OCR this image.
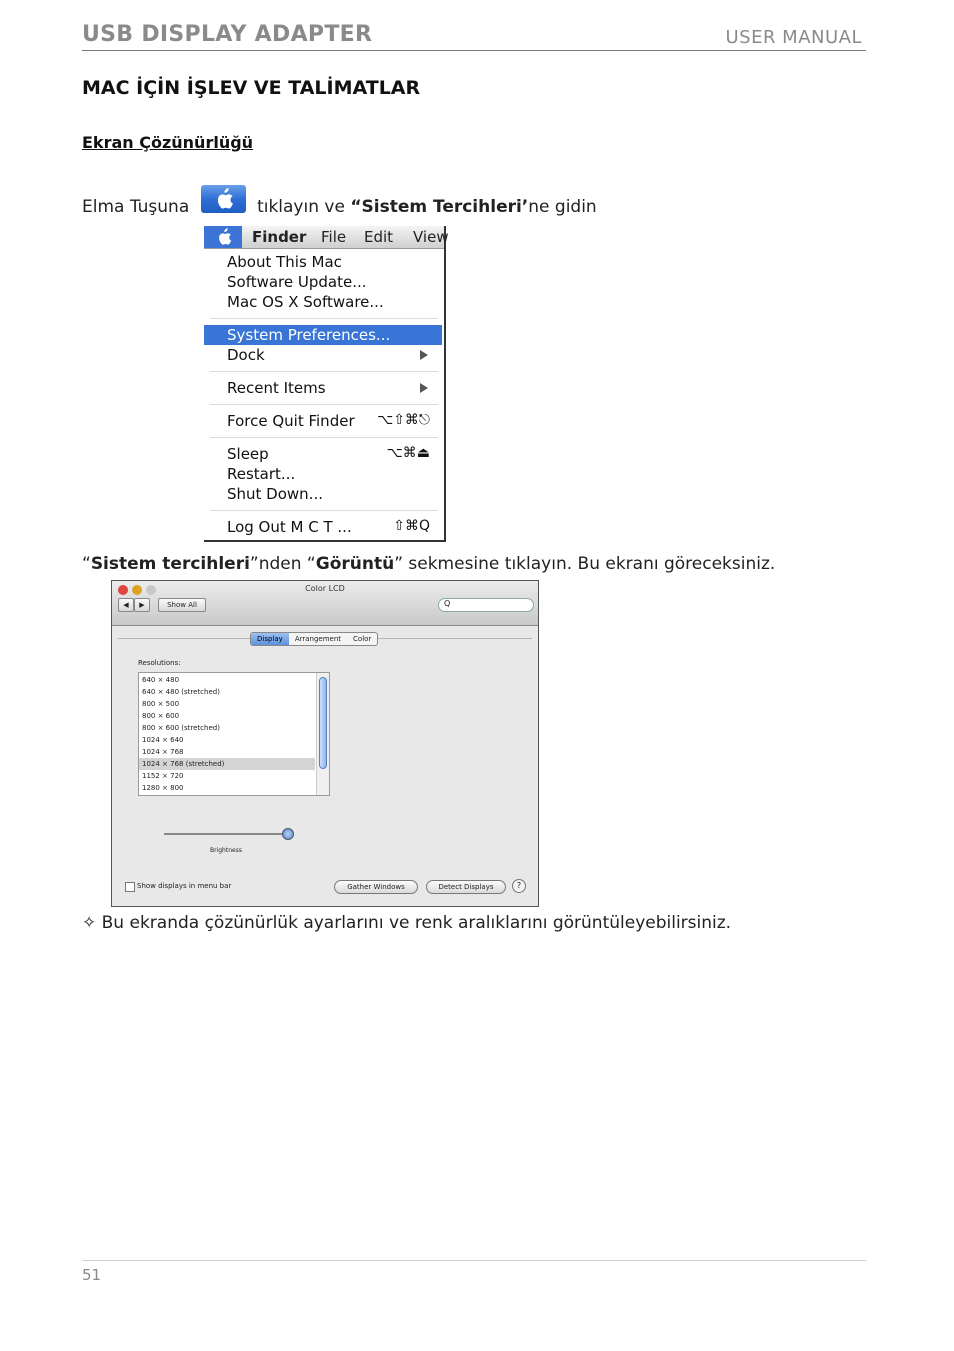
USB DISPLAY ADAPTER	USER MANUAL
MAC İÇİN İŞLEV VE TALİMATLAR
Ekran Çözünürlüğü
Elma Tuşuna	tıklayın ve “Sistem Tercihleri’ne gidin
Finder File Edit View
About This Mac
Software Update...
Mac OS X Software...
System Preferences...
Dock
Recent Items
Force Quit Finder ⌥⇧⌘⎋
Sleep	⌥⌘⏏
Restart...
Shut Down...
Log Out M C T ...	⇧⌘Q
“Sistem tercihleri”nden “Görüntü” sekmesine tıklayın. Bu ekranı göreceksiniz.
Color LCD
◀	▶	Show All	Q
Display	Arrangement	Color
Resolutions:
640 × 480
640 × 480 (stretched)
800 × 500
800 × 600
800 × 600 (stretched)
1024 × 640
1024 × 768
1024 × 768 (stretched)
1152 × 720
1280 × 800
Brightness
Show displays in menu bar	Gather Windows	Detect Displays	?
✧ Bu ekranda çözünürlük ayarlarını ve renk aralıklarını görüntüleyebilirsiniz.
51
